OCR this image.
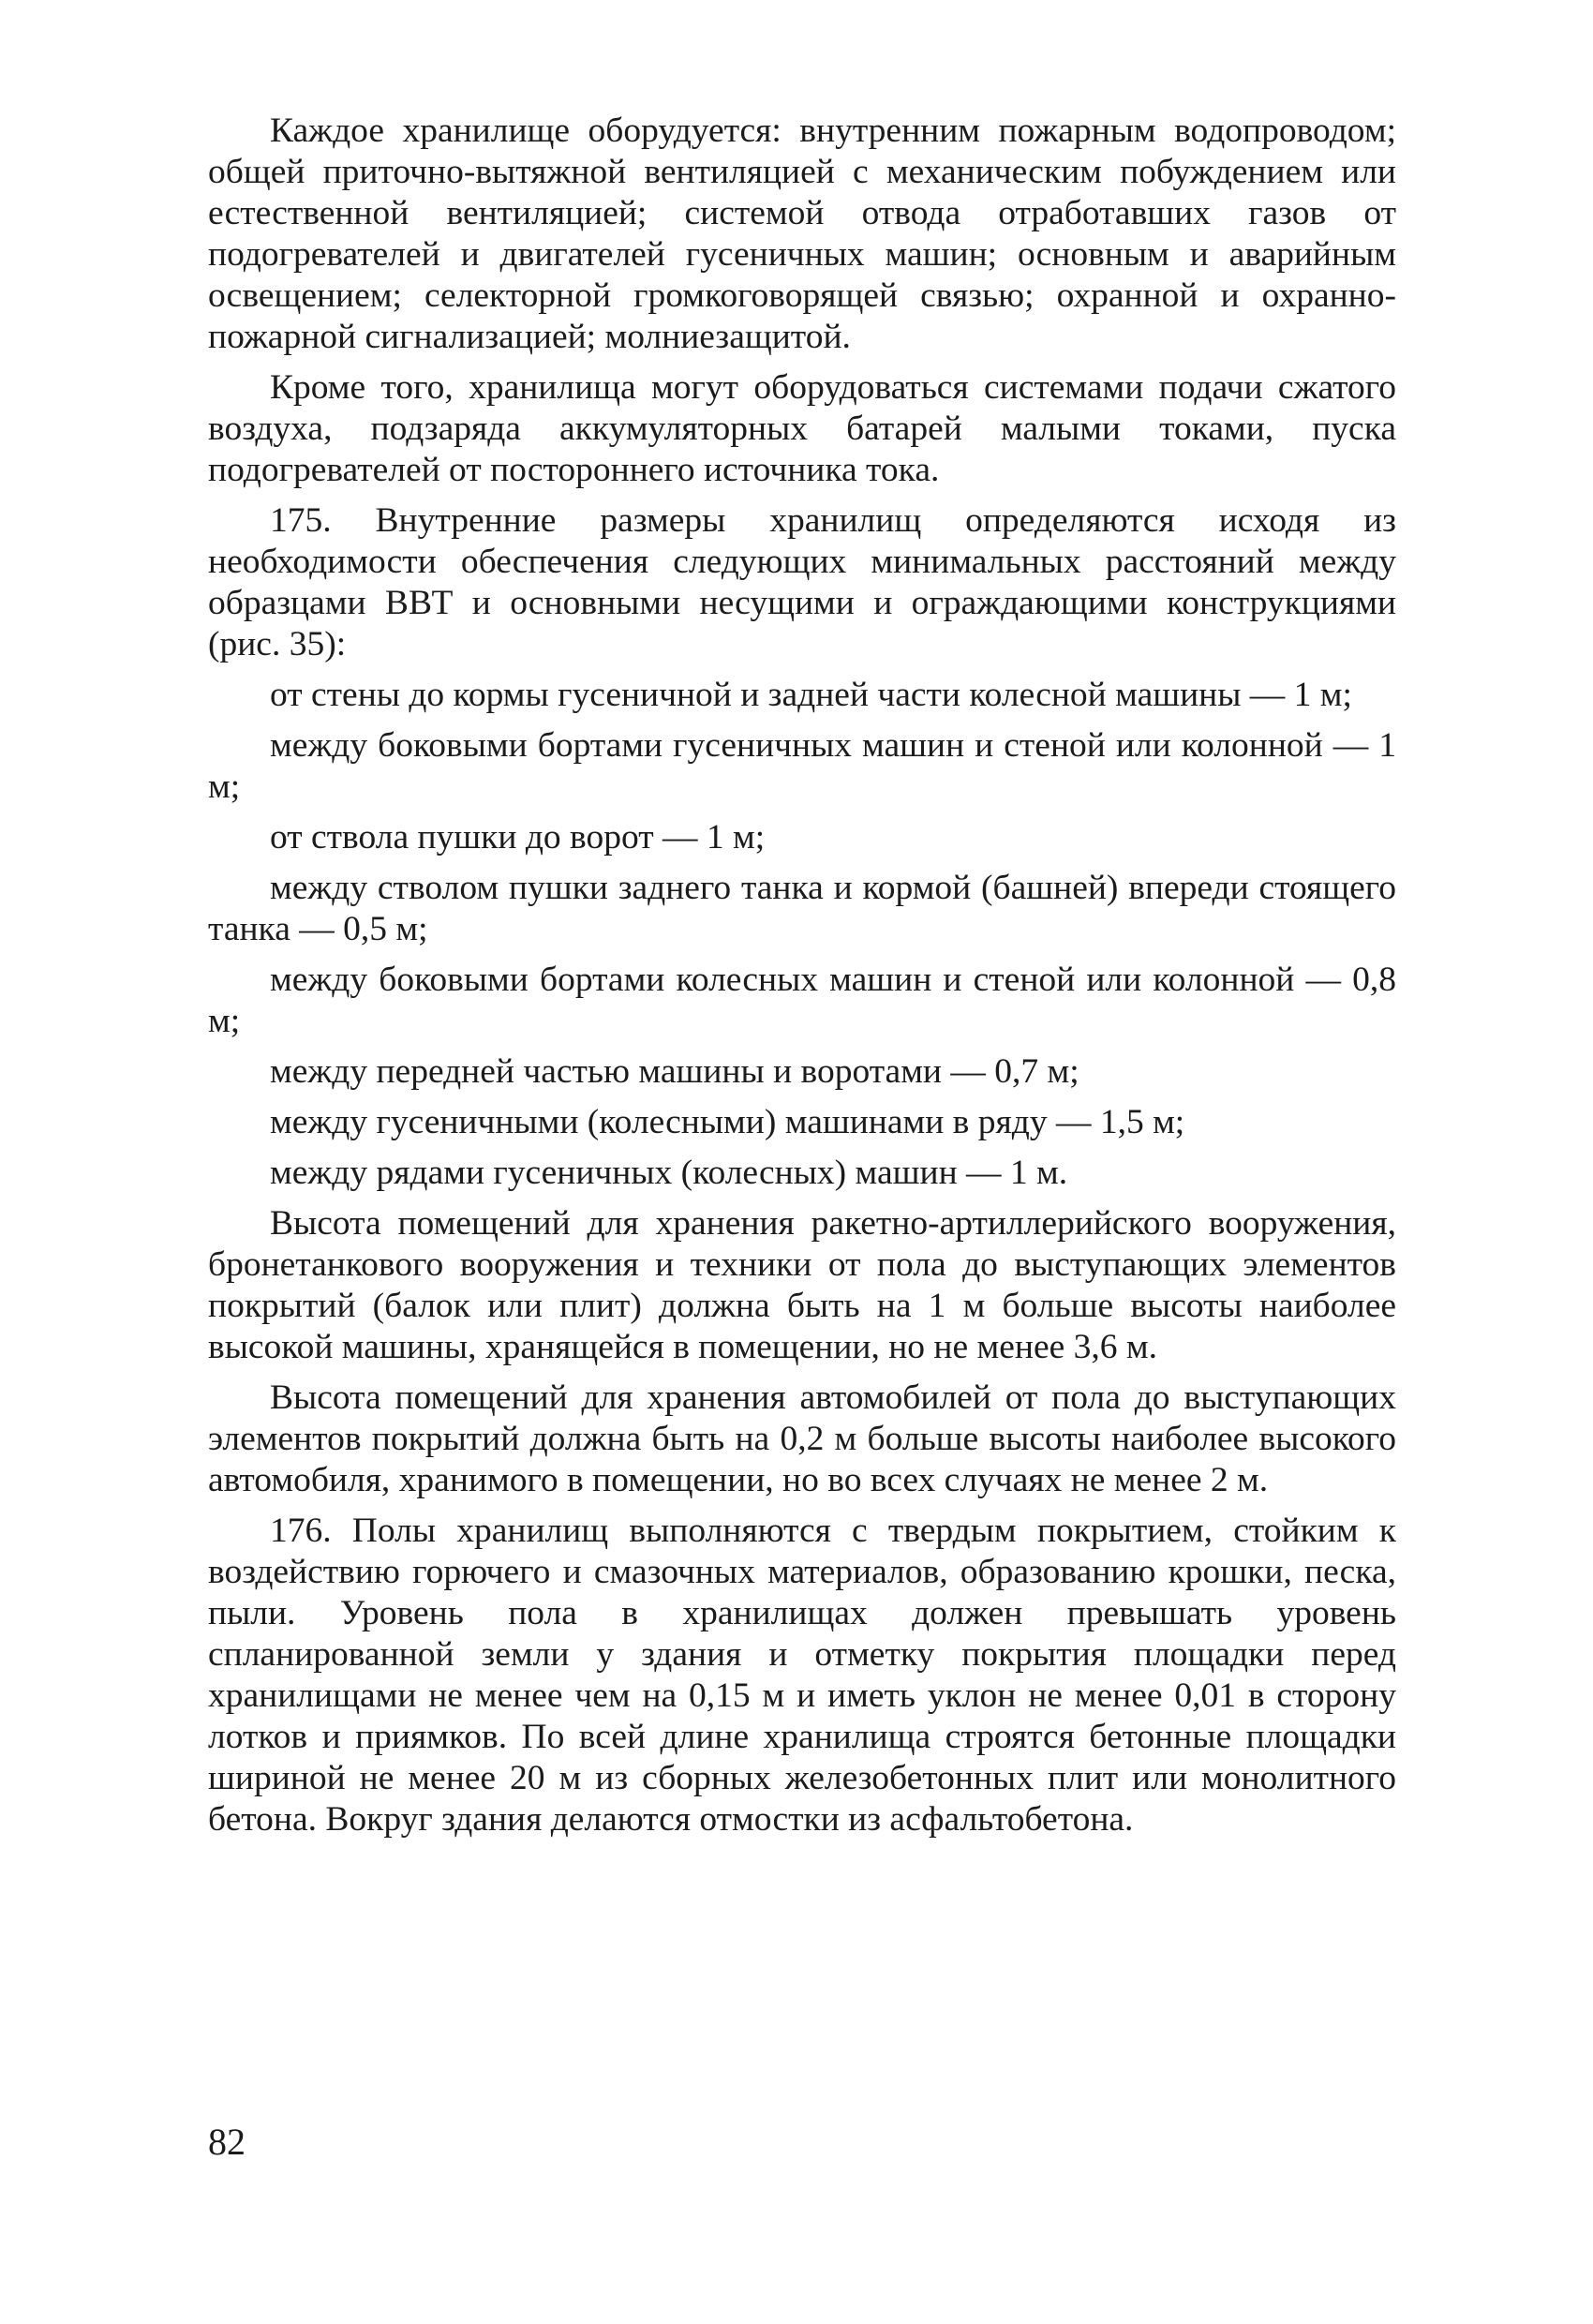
Каждое хранилище оборудуется: внутренним пожарным водопроводом; общей приточно-вытяжной вентиляцией с механическим побуждением или естественной вентиляцией; системой отвода отработавших газов от подогревателей и двигателей гусеничных машин; основным и аварийным освещением; селекторной громкоговорящей связью; охранной и охранно-пожарной сигнализацией; молниезащитой.

Кроме того, хранилища могут оборудоваться системами подачи сжатого воздуха, подзаряда аккумуляторных батарей малыми токами, пуска подогревателей от постороннего источника тока.

175. Внутренние размеры хранилищ определяются исходя из необходимости обеспечения следующих минимальных расстояний между образцами ВВТ и основными несущими и ограждающими конструкциями (рис. 35):

от стены до кормы гусеничной и задней части колесной машины — 1 м;

между боковыми бортами гусеничных машин и стеной или колонной — 1 м;

от ствола пушки до ворот — 1 м;

между стволом пушки заднего танка и кормой (башней) впереди стоящего танка — 0,5 м;

между боковыми бортами колесных машин и стеной или колонной — 0,8 м;

между передней частью машины и воротами — 0,7 м;

между гусеничными (колесными) машинами в ряду — 1,5 м;

между рядами гусеничных (колесных) машин — 1 м.

Высота помещений для хранения ракетно-артиллерийского вооружения, бронетанкового вооружения и техники от пола до выступающих элементов покрытий (балок или плит) должна быть на 1 м больше высоты наиболее высокой машины, хранящейся в помещении, но не менее 3,6 м.

Высота помещений для хранения автомобилей от пола до выступающих элементов покрытий должна быть на 0,2 м больше высоты наиболее высокого автомобиля, хранимого в помещении, но во всех случаях не менее 2 м.

176. Полы хранилищ выполняются с твердым покрытием, стойким к воздействию горючего и смазочных материалов, образованию крошки, песка, пыли. Уровень пола в хранилищах должен превышать уровень спланированной земли у здания и отметку покрытия площадки перед хранилищами не менее чем на 0,15 м и иметь уклон не менее 0,01 в сторону лотков и приямков. По всей длине хранилища строятся бетонные площадки шириной не менее 20 м из сборных железобетонных плит или монолитного бетона. Вокруг здания делаются отмостки из асфальтобетона.

82
